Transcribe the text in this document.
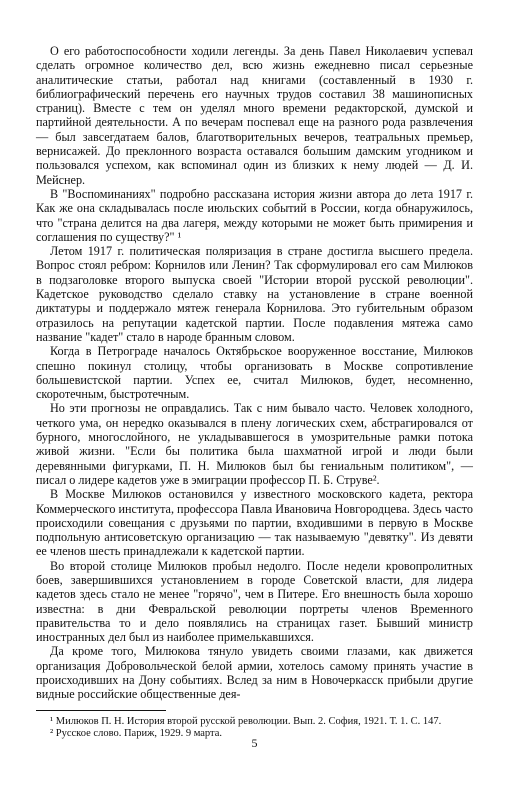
О его работоспособности ходили легенды. За день Павел Николаевич успевал сделать огромное количество дел, всю жизнь ежедневно писал серьезные аналитические статьи, работал над книгами (составленный в 1930 г. библиографический перечень его научных трудов составил 38 машинописных страниц). Вместе с тем он уделял много времени редакторской, думской и партийной деятельности. А по вечерам поспевал еще на разного рода развлечения — был завсегдатаем балов, благотворительных вечеров, театральных премьер, вернисажей. До преклонного возраста оставался большим дамским угодником и пользовался успехом, как вспоминал один из близких к нему людей — Д. И. Мейснер.

В "Воспоминаниях" подробно рассказана история жизни автора до лета 1917 г. Как же она складывалась после июльских событий в России, когда обнаружилось, что "страна делится на два лагеря, между которыми не может быть примирения и соглашения по существу?" ¹

Летом 1917 г. политическая поляризация в стране достигла высшего предела. Вопрос стоял ребром: Корнилов или Ленин? Так сформулировал его сам Милюков в подзаголовке второго выпуска своей "Истории второй русской революции". Кадетское руководство сделало ставку на установление в стране военной диктатуры и поддержало мятеж генерала Корнилова. Это губительным образом отразилось на репутации кадетской партии. После подавления мятежа само название "кадет" стало в народе бранным словом.

Когда в Петрограде началось Октябрьское вооруженное восстание, Милюков спешно покинул столицу, чтобы организовать в Москве сопротивление большевистской партии. Успех ее, считал Милюков, будет, несомненно, скоротечным, быстротечным.

Но эти прогнозы не оправдались. Так с ним бывало часто. Человек холодного, четкого ума, он нередко оказывался в плену логических схем, абстрагировался от бурного, многослойного, не укладывавшегося в умозрительные рамки потока живой жизни. "Если бы политика была шахматной игрой и люди были деревянными фигурками, П. Н. Милюков был бы гениальным политиком", — писал о лидере кадетов уже в эмиграции профессор П. Б. Струве².

В Москве Милюков остановился у известного московского кадета, ректора Коммерческого института, профессора Павла Ивановича Новгородцева. Здесь часто происходили совещания с друзьями по партии, входившими в первую в Москве подпольную антисоветскую организацию — так называемую "девятку". Из девяти ее членов шесть принадлежали к кадетской партии.

Во второй столице Милюков пробыл недолго. После недели кровопролитных боев, завершившихся установлением в городе Советской власти, для лидера кадетов здесь стало не менее "горячо", чем в Питере. Его внешность была хорошо известна: в дни Февральской революции портреты членов Временного правительства то и дело появлялись на страницах газет. Бывший министр иностранных дел был из наиболее примелькавшихся.

Да кроме того, Милюкова тянуло увидеть своими глазами, как движется организация Добровольческой белой армии, хотелось самому принять участие в происходивших на Дону событиях. Вслед за ним в Новочеркасск прибыли другие видные российские общественные дея-

¹ Милюков П. Н. История второй русской революции. Вып. 2. София, 1921. Т. 1. С. 147.

² Русское слово. Париж, 1929. 9 марта.

5
